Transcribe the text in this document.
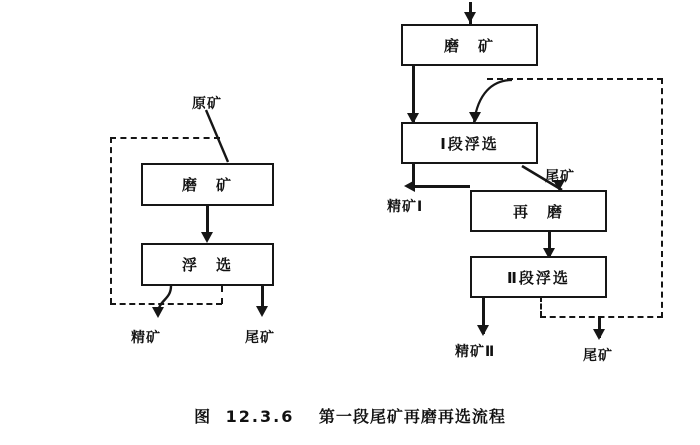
原矿
磨　矿
浮　选
精矿	尾矿
磨　矿
Ⅰ段浮选
尾矿
精矿Ⅰ	再　磨
Ⅱ段浮选
精矿Ⅱ	尾矿
图 12.3.6 第一段尾矿再磨再选流程
